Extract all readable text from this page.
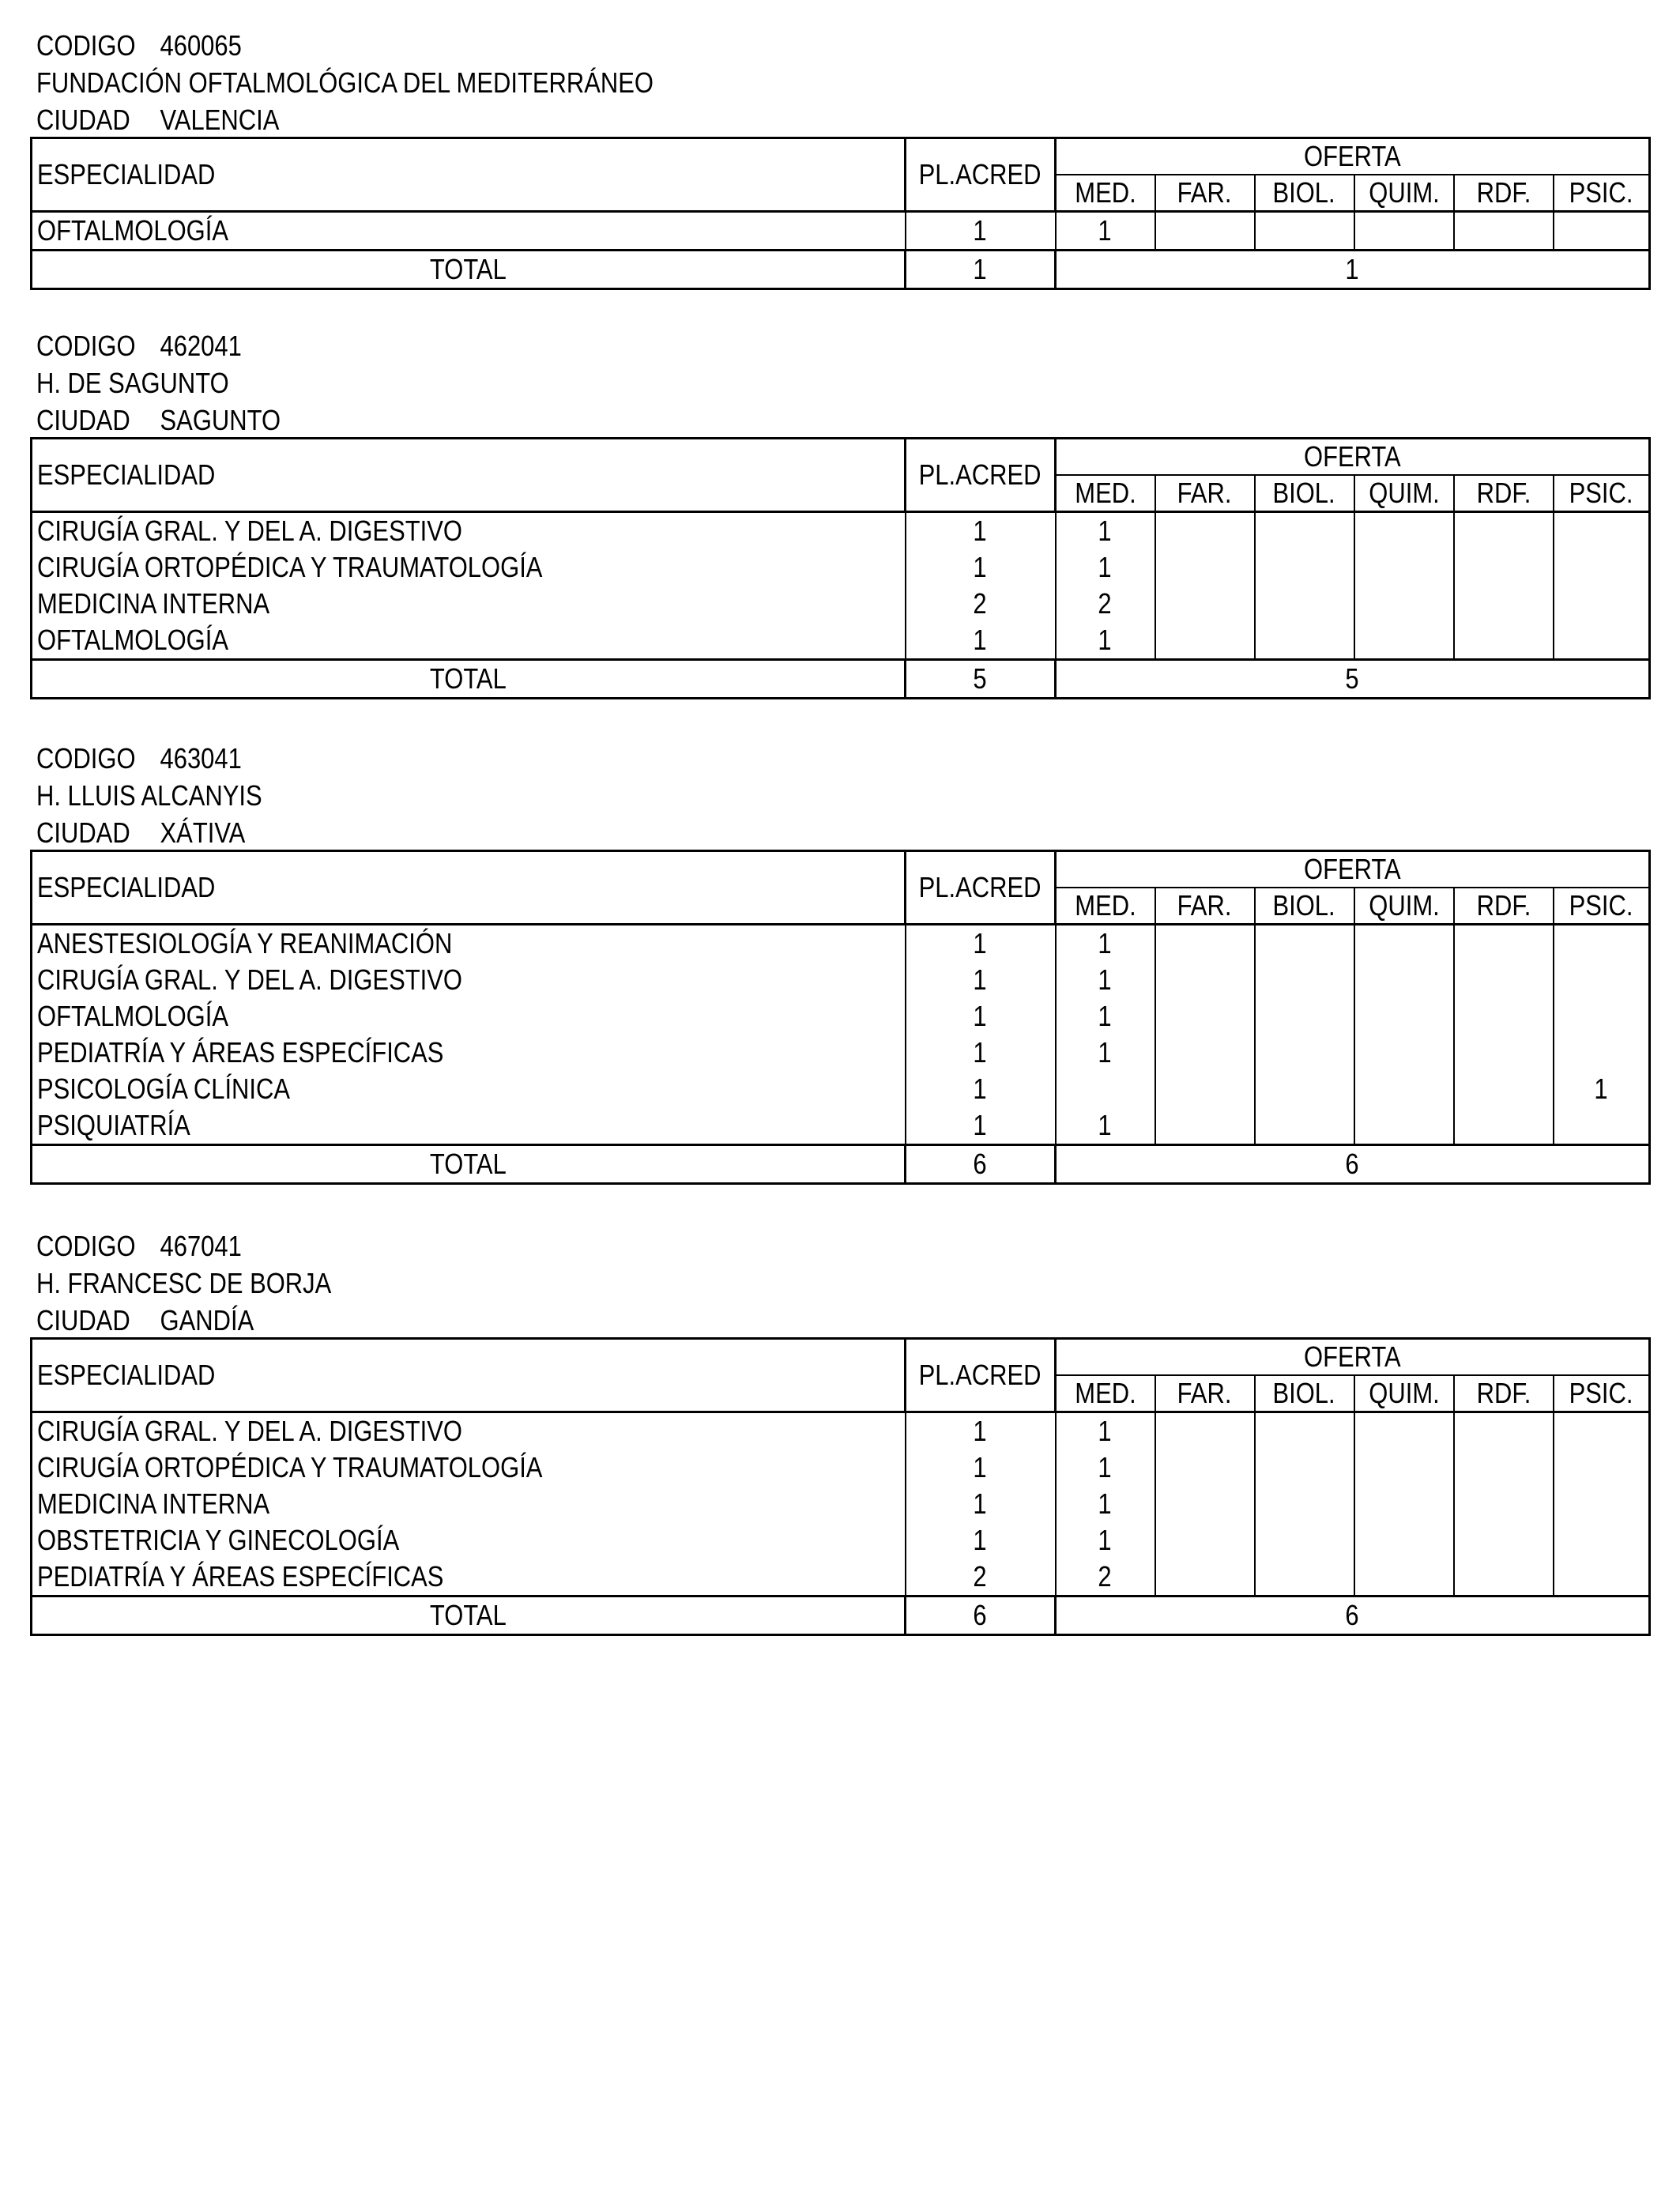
CODIGO 460065
FUNDACIÓN OFTALMOLÓGICA DEL MEDITERRÁNEO
CIUDAD VALENCIA
ESPECIALIDAD	PL.ACRED	OFERTA					
		MED.	FAR.	BIOL.	QUIM.	RDF.	PSIC.
OFTALMOLOGÍA	1	1					
TOTAL	1	1					
CODIGO 462041
H. DE SAGUNTO
CIUDAD SAGUNTO
ESPECIALIDAD	PL.ACRED	OFERTA					
		MED.	FAR.	BIOL.	QUIM.	RDF.	PSIC.
CIRUGÍA GRAL. Y DEL A. DIGESTIVO	1	1					
CIRUGÍA ORTOPÉDICA Y TRAUMATOLOGÍA	1	1					
MEDICINA INTERNA	2	2					
OFTALMOLOGÍA	1	1					
TOTAL	5	5					
CODIGO 463041
H. LLUIS ALCANYIS
CIUDAD XÁTIVA
ESPECIALIDAD	PL.ACRED	OFERTA					
		MED.	FAR.	BIOL.	QUIM.	RDF.	PSIC.
ANESTESIOLOGÍA Y REANIMACIÓN	1	1					
CIRUGÍA GRAL. Y DEL A. DIGESTIVO	1	1					
OFTALMOLOGÍA	1	1					
PEDIATRÍA Y ÁREAS ESPECÍFICAS	1	1					
PSICOLOGÍA CLÍNICA	1						1
PSIQUIATRÍA	1	1					
TOTAL	6	6					
CODIGO 467041
H. FRANCESC DE BORJA
CIUDAD GANDÍA
ESPECIALIDAD	PL.ACRED	OFERTA					
		MED.	FAR.	BIOL.	QUIM.	RDF.	PSIC.
CIRUGÍA GRAL. Y DEL A. DIGESTIVO	1	1					
CIRUGÍA ORTOPÉDICA Y TRAUMATOLOGÍA	1	1					
MEDICINA INTERNA	1	1					
OBSTETRICIA Y GINECOLOGÍA	1	1					
PEDIATRÍA Y ÁREAS ESPECÍFICAS	2	2					
TOTAL	6	6					
